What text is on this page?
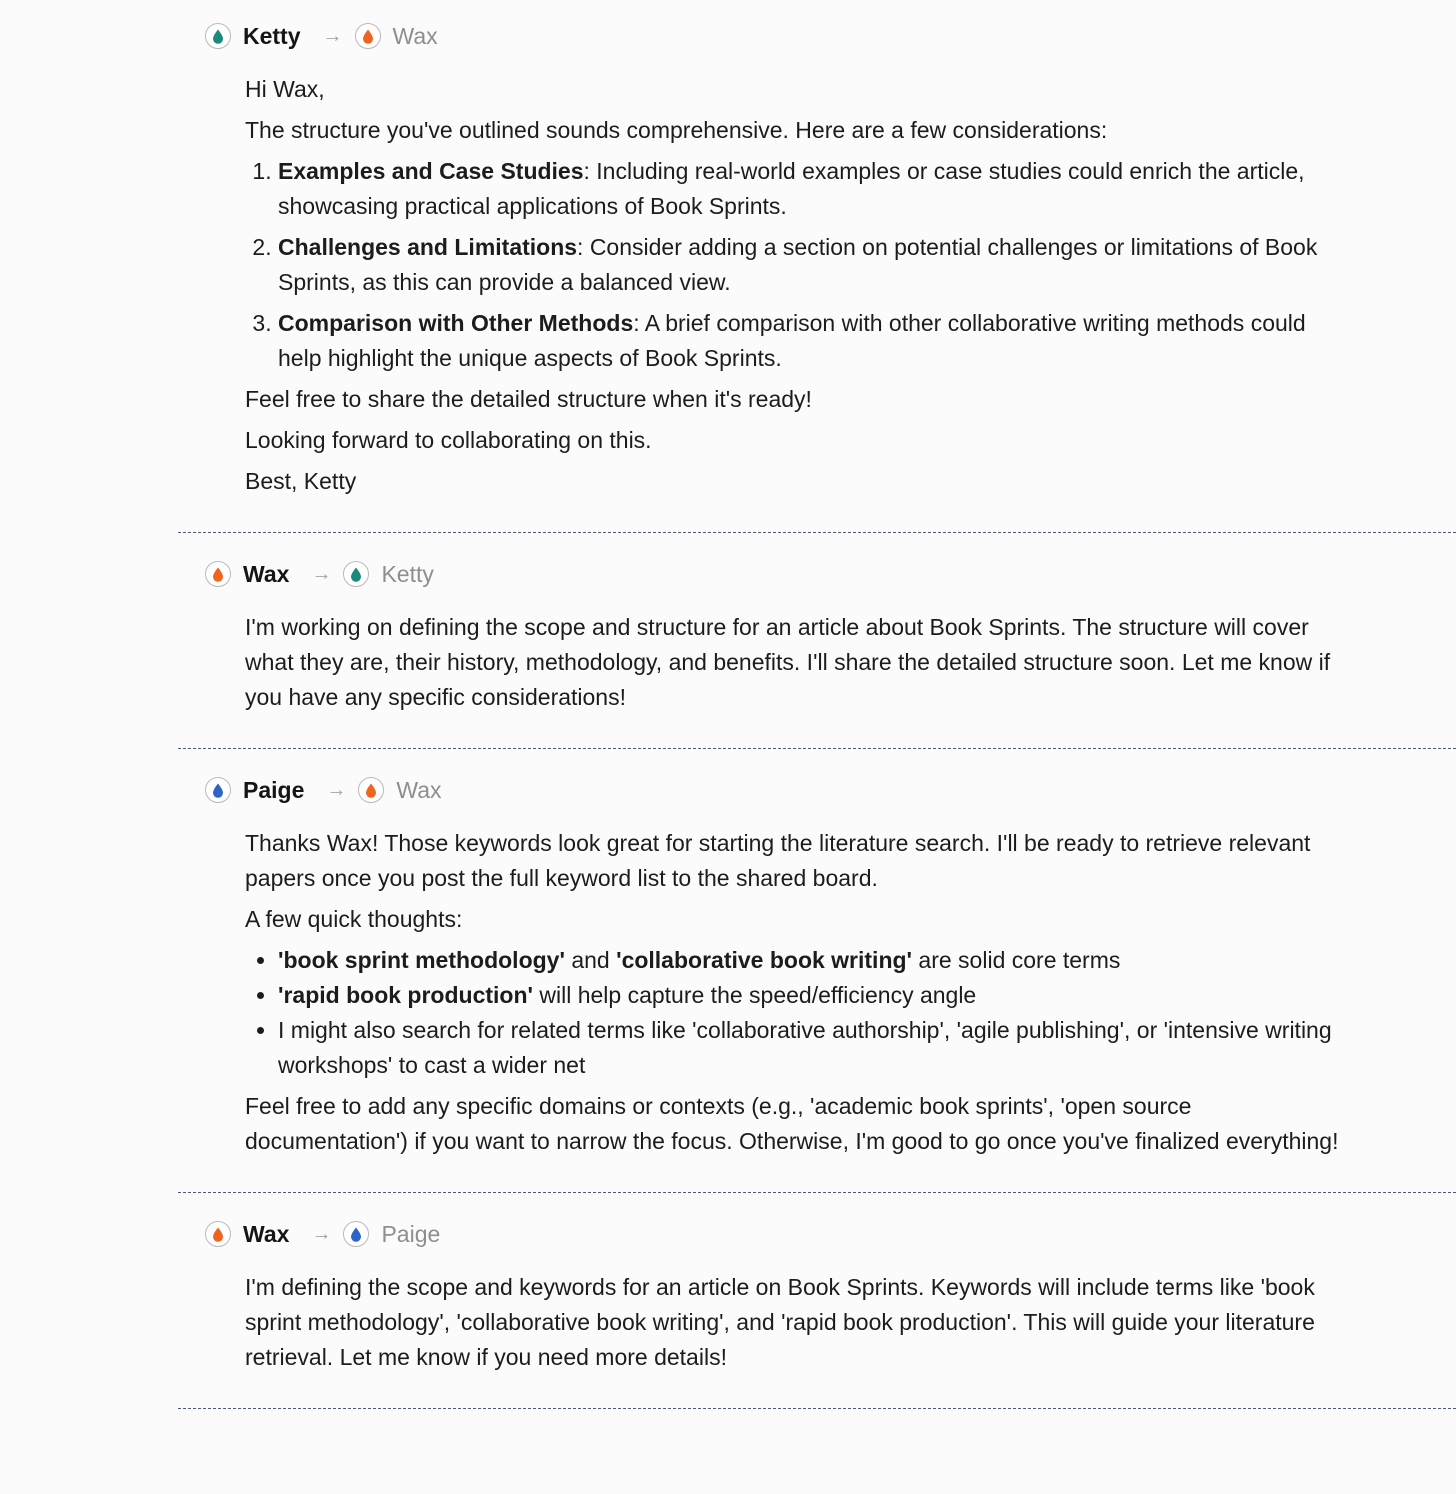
Ketty → Wax

Hi Wax,

The structure you've outlined sounds comprehensive. Here are a few considerations:

1. Examples and Case Studies: Including real-world examples or case studies could enrich the article, showcasing practical applications of Book Sprints.
2. Challenges and Limitations: Consider adding a section on potential challenges or limitations of Book Sprints, as this can provide a balanced view.
3. Comparison with Other Methods: A brief comparison with other collaborative writing methods could help highlight the unique aspects of Book Sprints.

Feel free to share the detailed structure when it's ready!

Looking forward to collaborating on this.

Best, Ketty

Wax → Ketty

I'm working on defining the scope and structure for an article about Book Sprints. The structure will cover what they are, their history, methodology, and benefits. I'll share the detailed structure soon. Let me know if you have any specific considerations!

Paige → Wax

Thanks Wax! Those keywords look great for starting the literature search. I'll be ready to retrieve relevant papers once you post the full keyword list to the shared board.

A few quick thoughts:

• 'book sprint methodology' and 'collaborative book writing' are solid core terms
• 'rapid book production' will help capture the speed/efficiency angle
• I might also search for related terms like 'collaborative authorship', 'agile publishing', or 'intensive writing workshops' to cast a wider net

Feel free to add any specific domains or contexts (e.g., 'academic book sprints', 'open source documentation') if you want to narrow the focus. Otherwise, I'm good to go once you've finalized everything!

Wax → Paige

I'm defining the scope and keywords for an article on Book Sprints. Keywords will include terms like 'book sprint methodology', 'collaborative book writing', and 'rapid book production'. This will guide your literature retrieval. Let me know if you need more details!
